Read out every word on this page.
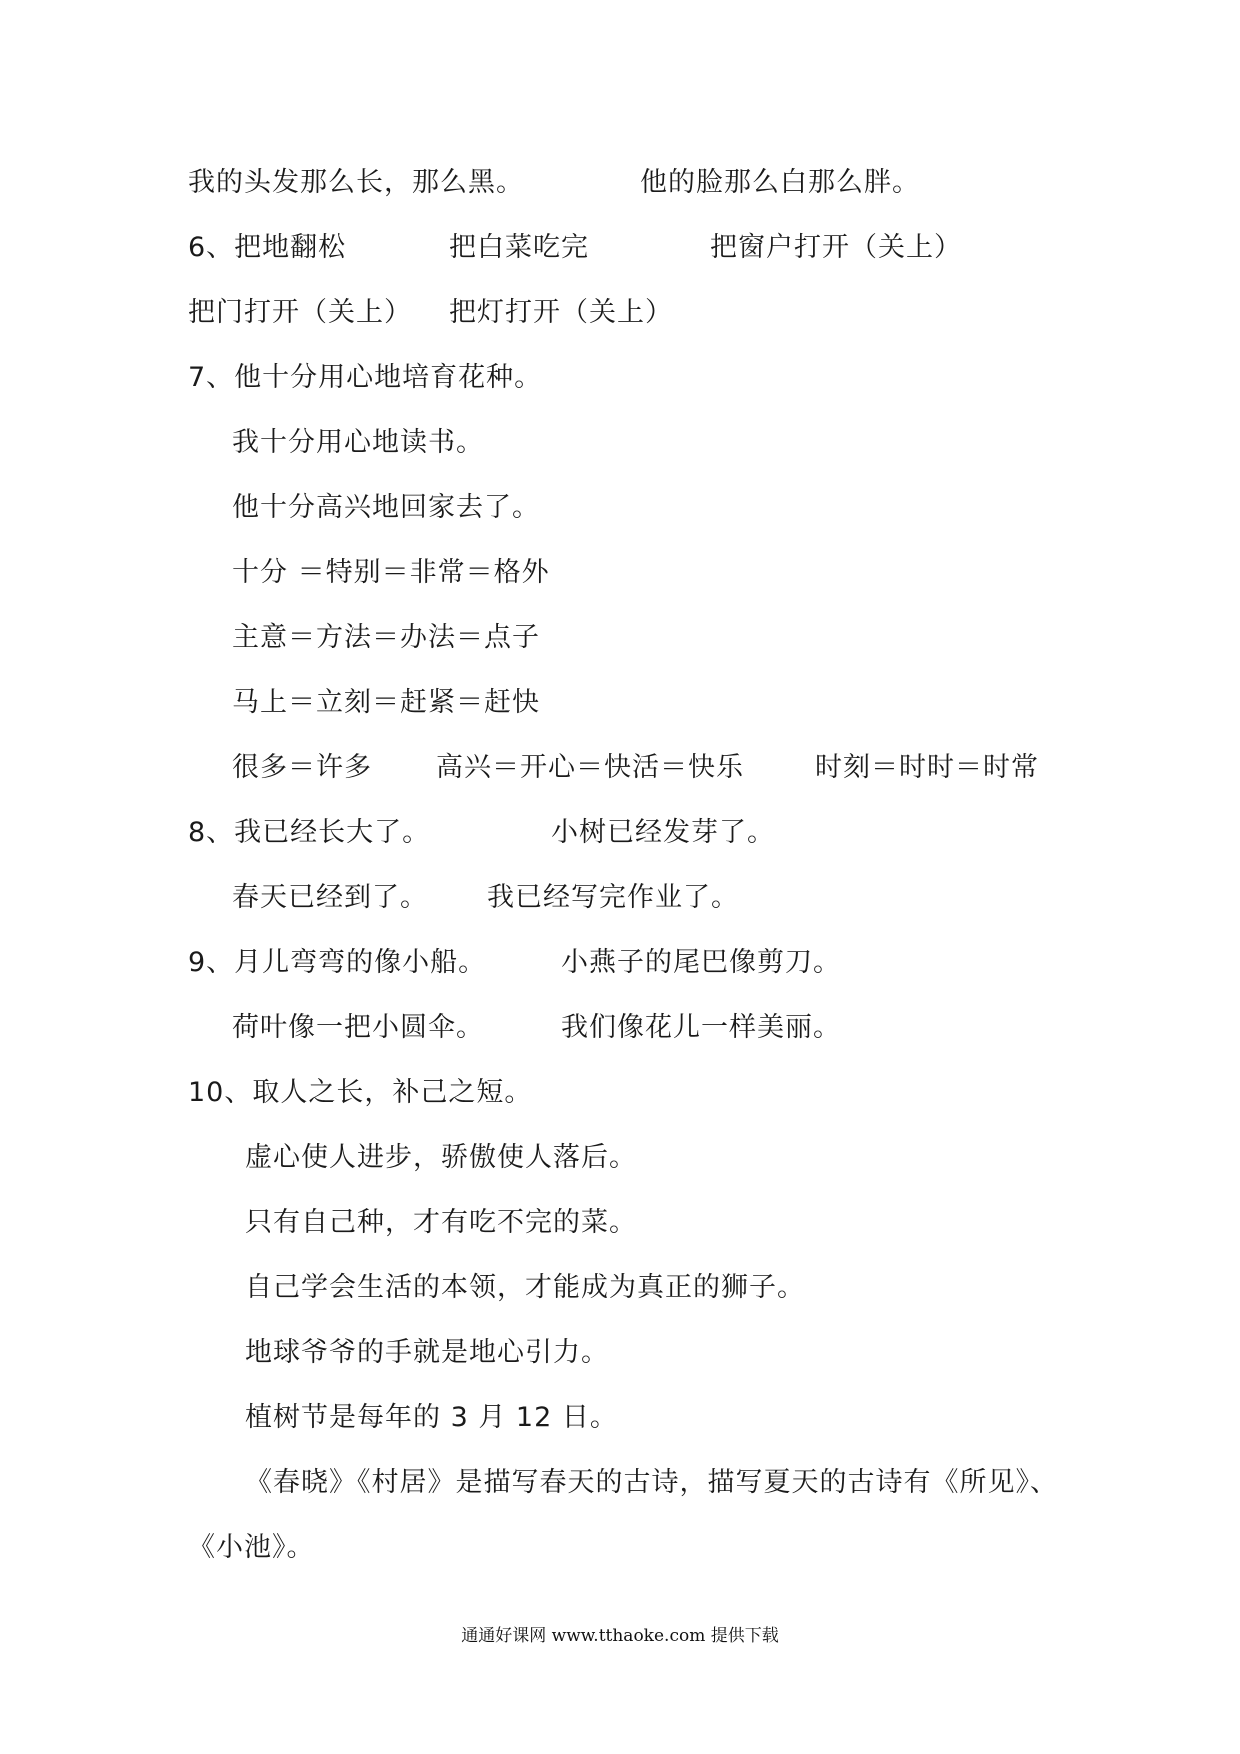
我的头发那么长，那么黑。	他的脸那么白那么胖。
6、把地翻松	把白菜吃完	把窗户打开（关上）
把门打开（关上） 把灯打开（关上）
7、他十分用心地培育花种。
我十分用心地读书。
他十分高兴地回家去了。
十分 ＝特别＝非常＝格外
主意＝方法＝办法＝点子
马上＝立刻＝赶紧＝赶快
很多＝许多 高兴＝开心＝快活＝快乐	时刻＝时时＝时常
8、我已经长大了。	小树已经发芽了。
春天已经到了。 我已经写完作业了。
9、月儿弯弯的像小船。	小燕子的尾巴像剪刀。
荷叶像一把小圆伞。	我们像花儿一样美丽。
10、取人之长，补己之短。
虚心使人进步，骄傲使人落后。
只有自己种，才有吃不完的菜。
自己学会生活的本领，才能成为真正的狮子。
地球爷爷的手就是地心引力。
植树节是每年的 3 月 12 日。
《春晓》《村居》是描写春天的古诗，描写夏天的古诗有《所见》、
《小池》。
通通好课网 www.tthaoke.com 提供下载
